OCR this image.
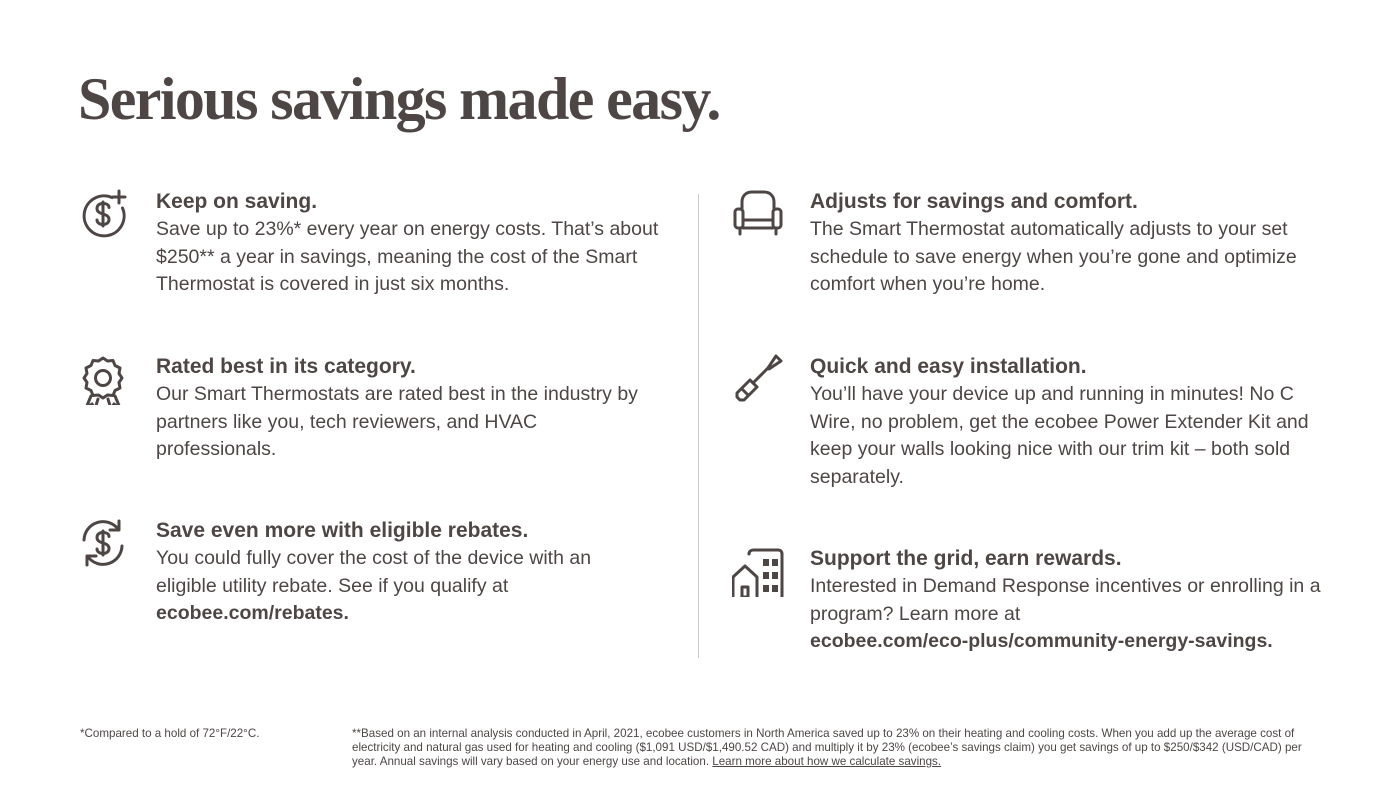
Serious savings made easy.
Keep on saving.

Save up to 23%* every year on energy costs. That’s about $250** a year in savings, meaning the cost of the Smart Thermostat is covered in just six months.

Rated best in its category.

Our Smart Thermostats are rated best in the industry by partners like you, tech reviewers, and HVAC professionals.

Save even more with eligible rebates.

You could fully cover the cost of the device with an eligible utility rebate. See if you qualify at ecobee.com/rebates.

Adjusts for savings and comfort.

The Smart Thermostat automatically adjusts to your set schedule to save energy when you’re gone and optimize comfort when you’re home.

Quick and easy installation.

You’ll have your device up and running in minutes! No C Wire, no problem, get the ecobee Power Extender Kit and keep your walls looking nice with our trim kit – both sold separately.

Support the grid, earn rewards.

Interested in Demand Response incentives or enrolling in a program? Learn more at
ecobee.com/eco-plus/community-energy-savings.

*Compared to a hold of 72°F/22°C.	**Based on an internal analysis conducted in April, 2021, ecobee customers in North America saved up to 23% on their heating and cooling costs. When you add up the average cost of electricity and natural gas used for heating and cooling ($1,091 USD/$1,490.52 CAD) and multiply it by 23% (ecobee’s savings claim) you get savings of up to $250/$342 (USD/CAD) per year. Annual savings will vary based on your energy use and location. Learn more about how we calculate savings.
